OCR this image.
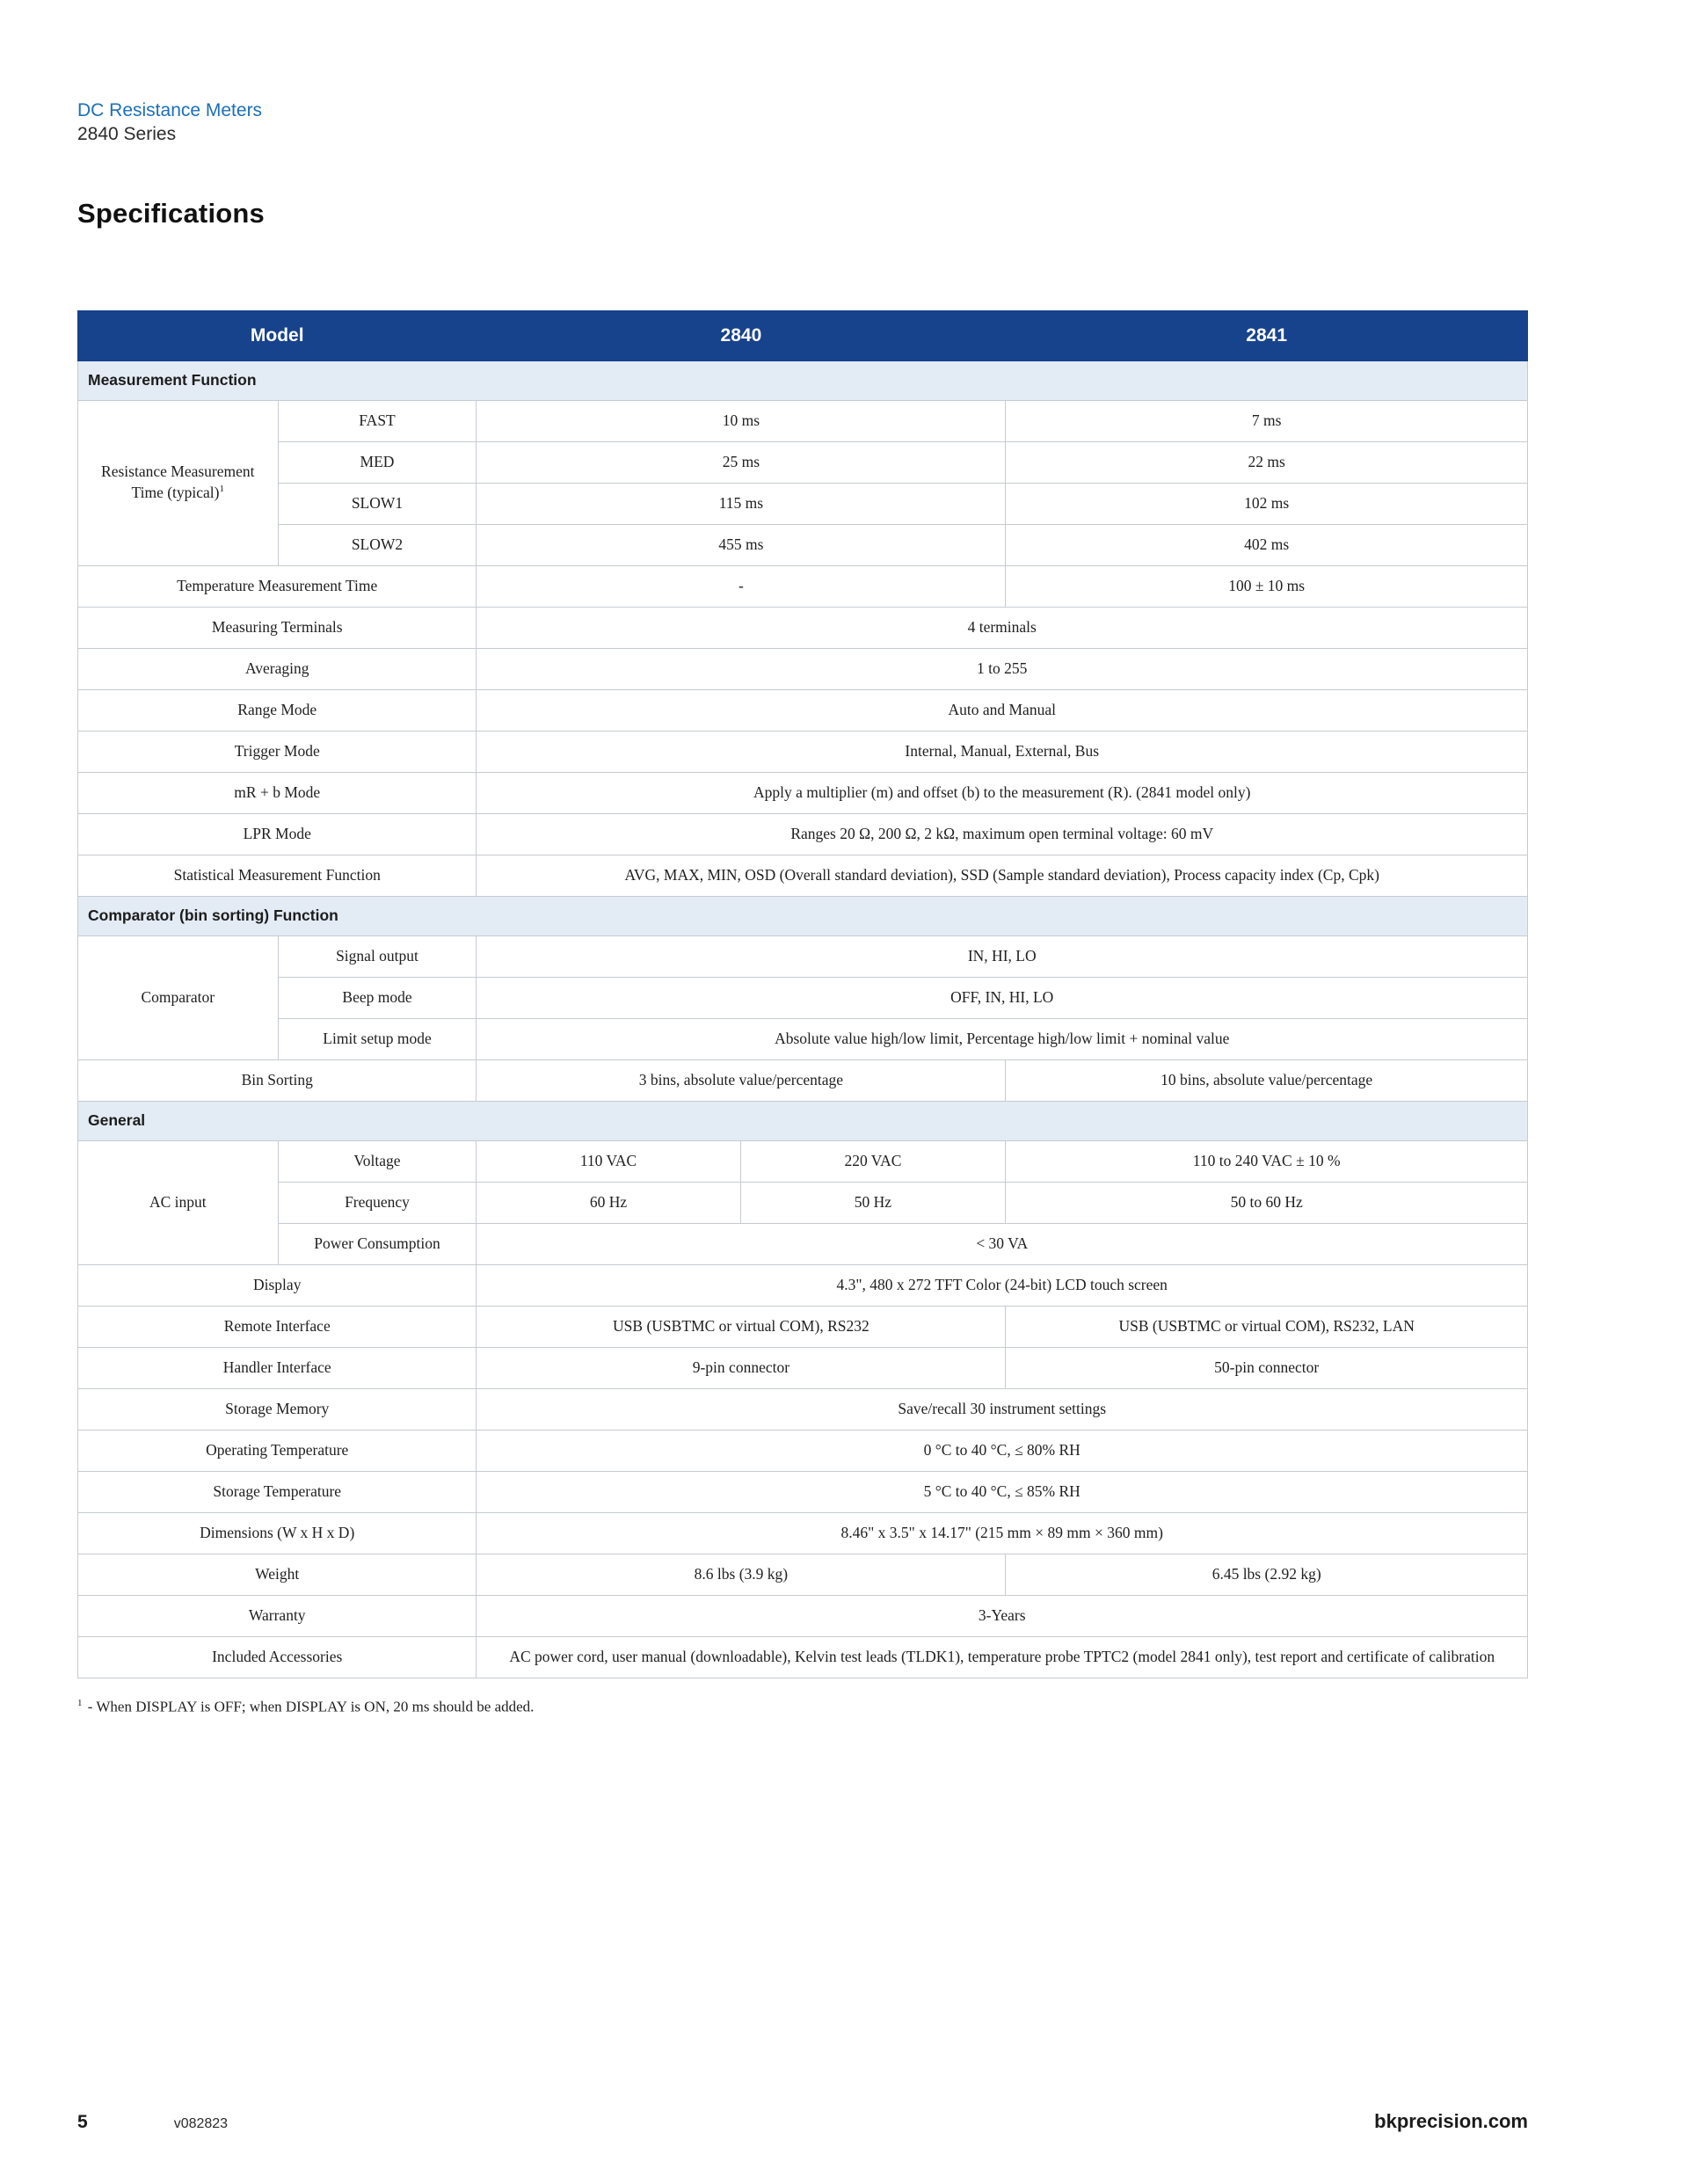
DC Resistance Meters
2840 Series
Specifications
Model		2840		2841
Measurement Function				
Resistance Measurement Time (typical)$^1$	FAST	10 ms		7 ms
	MED	25 ms		22 ms
	SLOW1	115 ms		102 ms
	SLOW2	455 ms		402 ms
Temperature Measurement Time		-		100 ± 10 ms
Measuring Terminals		4 terminals		
Averaging		1 to 255		
Range Mode		Auto and Manual		
Trigger Mode		Internal, Manual, External, Bus		
mR + b Mode		Apply a multiplier (m) and offset (b) to the measurement (R). (2841 model only)		
LPR Mode		Ranges 20 Ω, 200 Ω, 2 kΩ, maximum open terminal voltage: 60 mV		
Statistical Measurement Function		AVG, MAX, MIN, OSD (Overall standard deviation), SSD (Sample standard deviation), Process capacity index (Cp, Cpk)		
Comparator (bin sorting) Function				
Comparator	Signal output	IN, HI, LO		
	Beep mode	OFF, IN, HI, LO		
	Limit setup mode	Absolute value high/low limit, Percentage high/low limit + nominal value		
Bin Sorting		3 bins, absolute value/percentage		10 bins, absolute value/percentage
General				
AC input	Voltage	110 VAC	220 VAC	110 to 240 VAC ± 10 %
	Frequency	60 Hz	50 Hz	50 to 60 Hz
	Power Consumption	< 30 VA		
Display		4.3", 480 x 272 TFT Color (24-bit) LCD touch screen		
Remote Interface		USB (USBTMC or virtual COM), RS232		USB (USBTMC or virtual COM), RS232, LAN
Handler Interface		9-pin connector		50-pin connector
Storage Memory		Save/recall 30 instrument settings		
Operating Temperature		0 °C to 40 °C, ≤ 80% RH		
Storage Temperature		5 °C to 40 °C, ≤ 85% RH		
Dimensions (W x H x D)		8.46" x 3.5" x 14.17" (215 mm × 89 mm × 360 mm)		
Weight		8.6 lbs (3.9 kg)		6.45 lbs (2.92 kg)
Warranty		3-Years		
Included Accessories		AC power cord, user manual (downloadable), Kelvin test leads (TLDK1), temperature probe TPTC2 (model 2841 only), test report and certificate of calibration		

$^1$ - When DISPLAY is OFF; when DISPLAY is ON, 20 ms should be added.

5	v082823	bkprecision.com
